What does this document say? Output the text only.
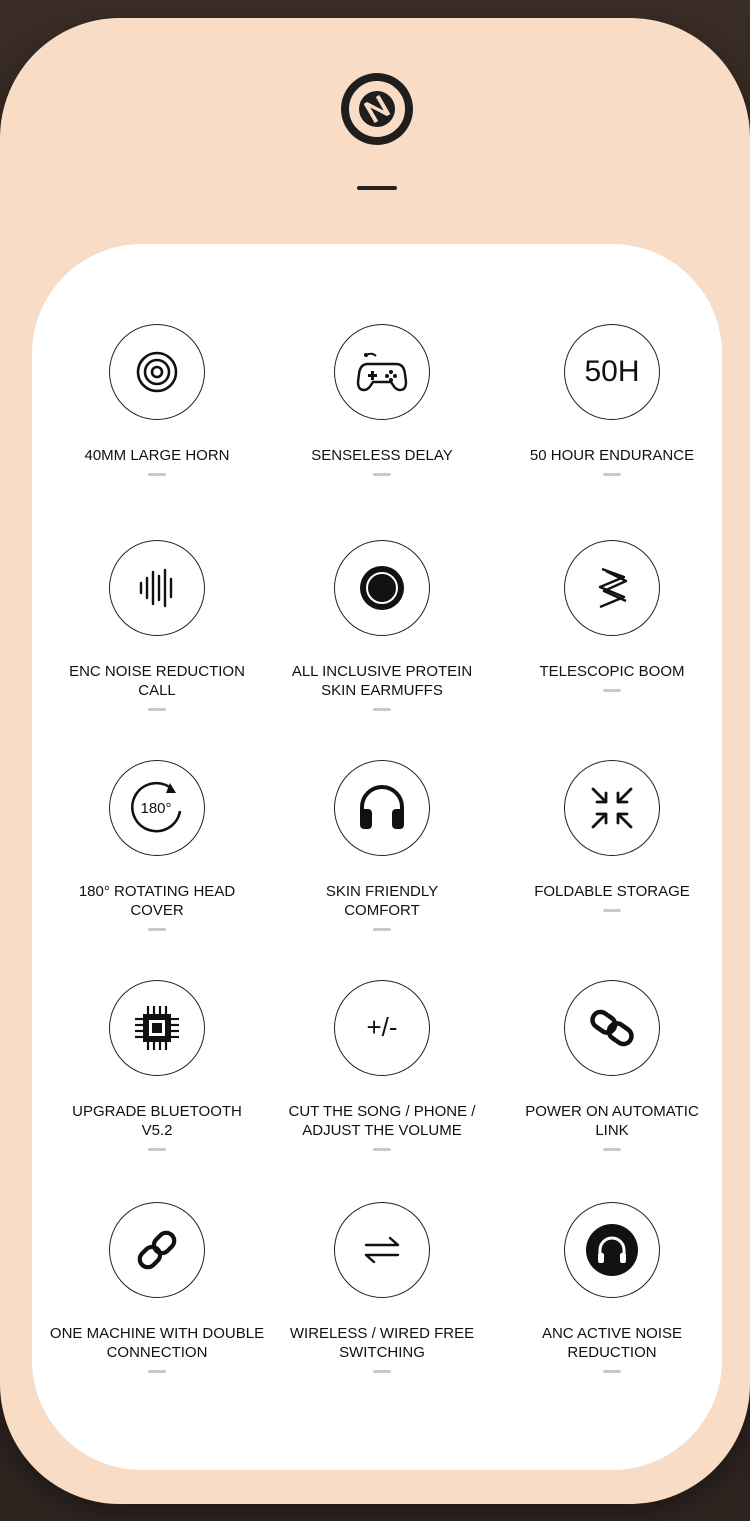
40MM LARGE HORN	SENSELESS DELAY
50H
50 HOUR ENDURANCE
ENC NOISE REDUCTION
CALL
ALL INCLUSIVE PROTEIN
SKIN EARMUFFS
TELESCOPIC BOOM
180°
180° ROTATING HEAD
COVER
SKIN FRIENDLY
COMFORT
FOLDABLE STORAGE
UPGRADE BLUETOOTH
V5.2
+/-
CUT THE SONG / PHONE /
ADJUST THE VOLUME
POWER ON AUTOMATIC
LINK
ONE MACHINE WITH DOUBLE
CONNECTION
WIRELESS / WIRED FREE
SWITCHING
ANC ACTIVE NOISE
REDUCTION
